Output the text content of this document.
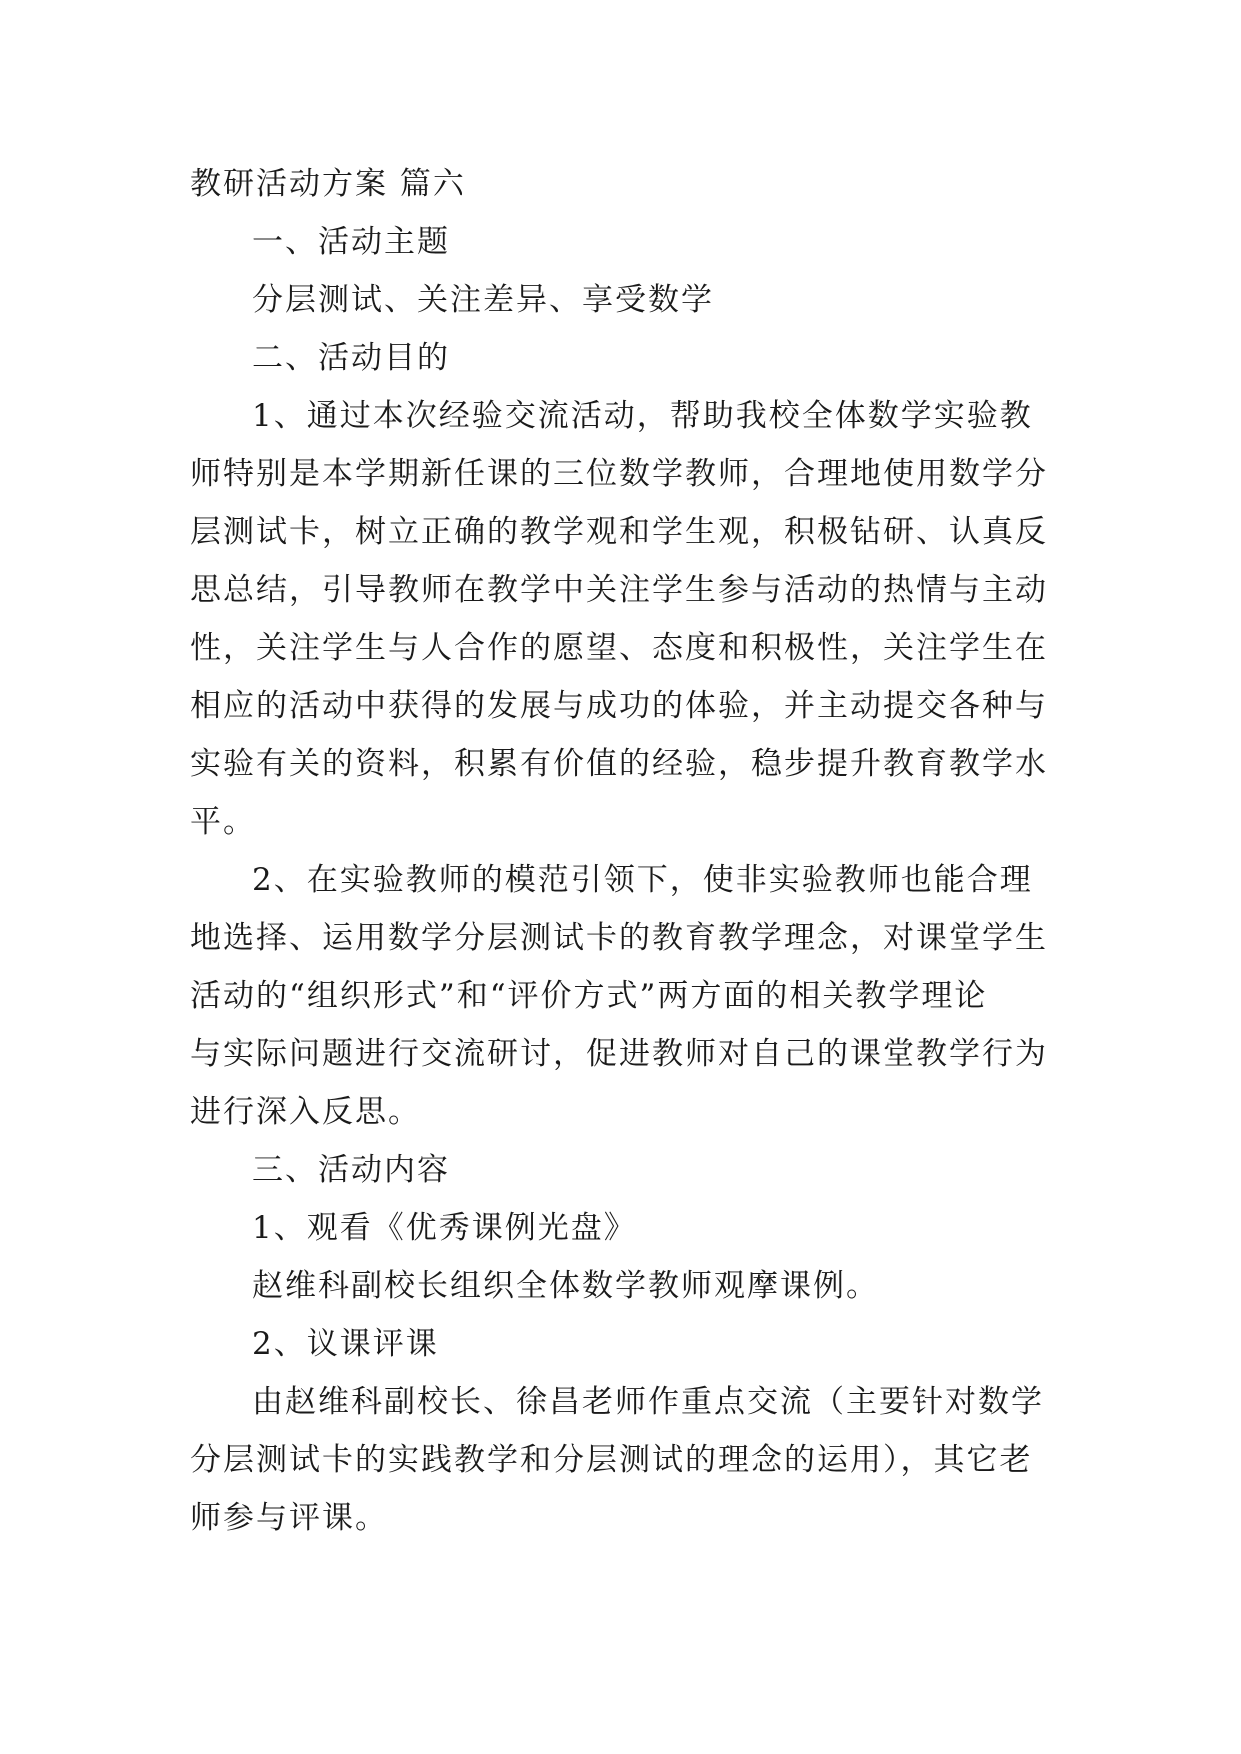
教研活动方案 篇六
一、活动主题
分层测试、关注差异、享受数学
二、活动目的
1、通过本次经验交流活动，帮助我校全体数学实验教
师特别是本学期新任课的三位数学教师，合理地使用数学分
层测试卡，树立正确的教学观和学生观，积极钻研、认真反
思总结，引导教师在教学中关注学生参与活动的热情与主动
性，关注学生与人合作的愿望、态度和积极性，关注学生在
相应的活动中获得的发展与成功的体验，并主动提交各种与
实验有关的资料，积累有价值的经验，稳步提升教育教学水
平。
2、在实验教师的模范引领下，使非实验教师也能合理
地选择、运用数学分层测试卡的教育教学理念，对课堂学生
活动的“组织形式”和“评价方式”两方面的相关教学理论
与实际问题进行交流研讨，促进教师对自己的课堂教学行为
进行深入反思。
三、活动内容
1、观看《优秀课例光盘》
赵维科副校长组织全体数学教师观摩课例。
2、议课评课
由赵维科副校长、徐昌老师作重点交流（主要针对数学
分层测试卡的实践教学和分层测试的理念的运用），其它老
师参与评课。
